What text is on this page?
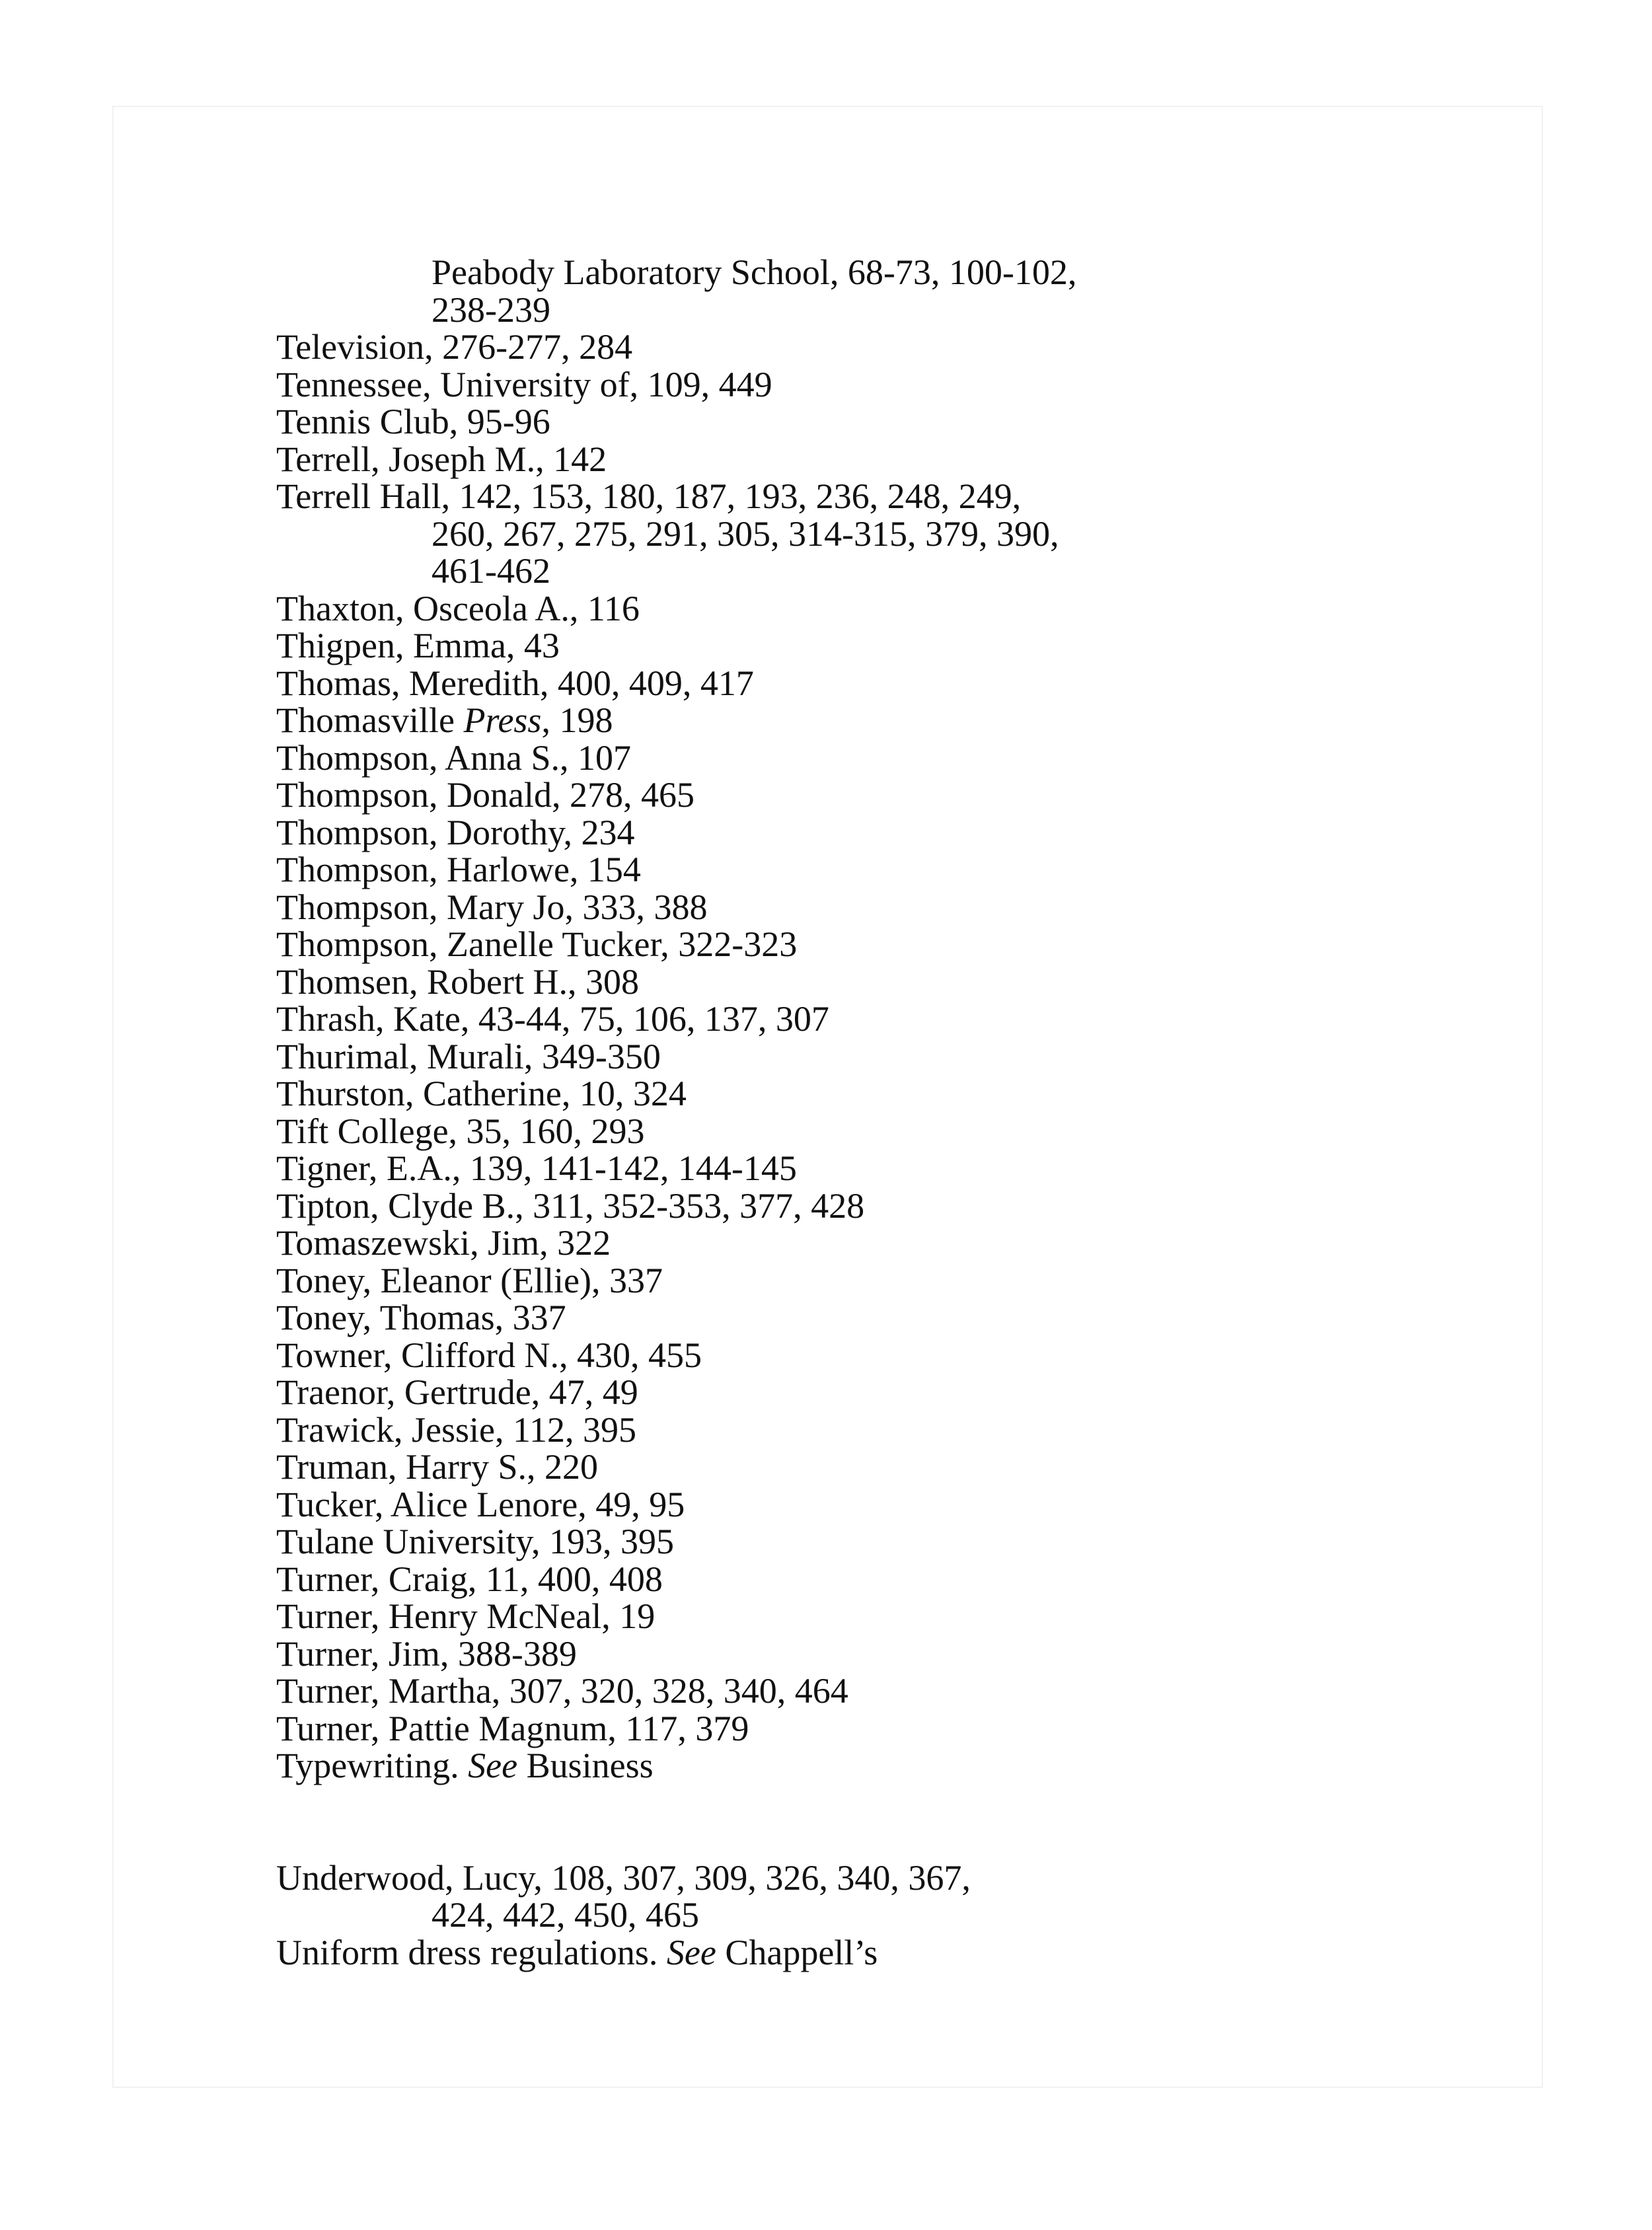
Peabody Laboratory School, 68-73, 100-102,
238-239
Television, 276-277, 284
Tennessee, University of, 109, 449
Tennis Club, 95-96
Terrell, Joseph M., 142
Terrell Hall, 142, 153, 180, 187, 193, 236, 248, 249,
260, 267, 275, 291, 305, 314-315, 379, 390,
461-462
Thaxton, Osceola A., 116
Thigpen, Emma, 43
Thomas, Meredith, 400, 409, 417
Thomasville Press, 198
Thompson, Anna S., 107
Thompson, Donald, 278, 465
Thompson, Dorothy, 234
Thompson, Harlowe, 154
Thompson, Mary Jo, 333, 388
Thompson, Zanelle Tucker, 322-323
Thomsen, Robert H., 308
Thrash, Kate, 43-44, 75, 106, 137, 307
Thurimal, Murali, 349-350
Thurston, Catherine, 10, 324
Tift College, 35, 160, 293
Tigner, E.A., 139, 141-142, 144-145
Tipton, Clyde B., 311, 352-353, 377, 428
Tomaszewski, Jim, 322
Toney, Eleanor (Ellie), 337
Toney, Thomas, 337
Towner, Clifford N., 430, 455
Traenor, Gertrude, 47, 49
Trawick, Jessie, 112, 395
Truman, Harry S., 220
Tucker, Alice Lenore, 49, 95
Tulane University, 193, 395
Turner, Craig, 11, 400, 408
Turner, Henry McNeal, 19
Turner, Jim, 388-389
Turner, Martha, 307, 320, 328, 340, 464
Turner, Pattie Magnum, 117, 379
Typewriting. See Business
Underwood, Lucy, 108, 307, 309, 326, 340, 367,
424, 442, 450, 465
Uniform dress regulations. See Chappell’s
